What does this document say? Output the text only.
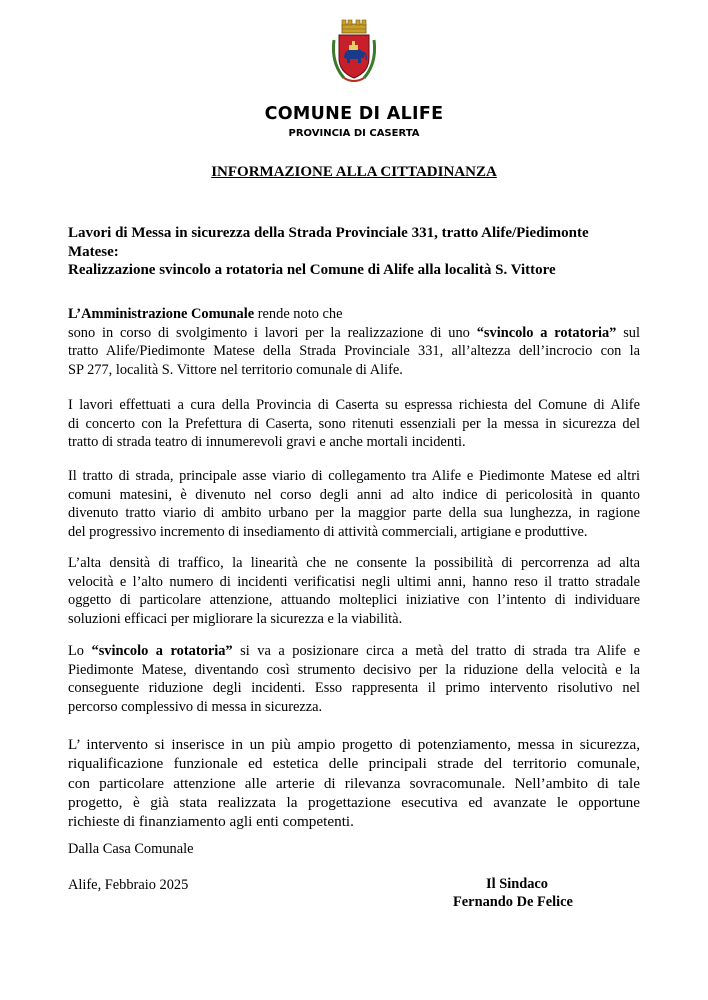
COMUNE DI ALIFE
PROVINCIA DI CASERTA
INFORMAZIONE ALLA CITTADINANZA
Lavori di Messa in sicurezza della Strada Provinciale 331, tratto Alife/Piedimonte
Matese:
Realizzazione svincolo a rotatoria nel Comune di Alife alla località S. Vittore
L’Amministrazione Comunale rende noto che
sono in corso di svolgimento i lavori per la realizzazione di uno “svincolo a rotatoria” sul
tratto Alife/Piedimonte Matese della Strada Provinciale 331, all’altezza dell’incrocio con la
SP 277, località S. Vittore nel territorio comunale di Alife.
I lavori effettuati a cura della Provincia di Caserta su espressa richiesta del Comune di Alife
di concerto con la Prefettura di Caserta, sono ritenuti essenziali per la messa in sicurezza del
tratto di strada teatro di innumerevoli gravi e anche mortali incidenti.
Il tratto di strada, principale asse viario di collegamento tra Alife e Piedimonte Matese ed altri
comuni matesini, è divenuto nel corso degli anni ad alto indice di pericolosità in quanto
divenuto tratto viario di ambito urbano per la maggior parte della sua lunghezza, in ragione
del progressivo incremento di insediamento di attività commerciali, artigiane e produttive.
L’alta densità di traffico, la linearità che ne consente la possibilità di percorrenza ad alta
velocità e l’alto numero di incidenti verificatisi negli ultimi anni, hanno reso il tratto stradale
oggetto di particolare attenzione, attuando molteplici iniziative con l’intento di individuare
soluzioni efficaci per migliorare la sicurezza e la viabilità.
Lo “svincolo a rotatoria” si va a posizionare circa a metà del tratto di strada tra Alife e
Piedimonte Matese, diventando così strumento decisivo per la riduzione della velocità e la
conseguente riduzione degli incidenti. Esso rappresenta il primo intervento risolutivo nel
percorso complessivo di messa in sicurezza.
L’ intervento si inserisce in un più ampio progetto di potenziamento, messa in sicurezza,
riqualificazione funzionale ed estetica delle principali strade del territorio comunale,
con particolare attenzione alle arterie di rilevanza sovracomunale. Nell’ambito di tale
progetto, è già stata realizzata la progettazione esecutiva ed avanzate le opportune
richieste di finanziamento agli enti competenti.
Dalla Casa Comunale
Alife, Febbraio 2025	Il Sindaco
Fernando De Felice
